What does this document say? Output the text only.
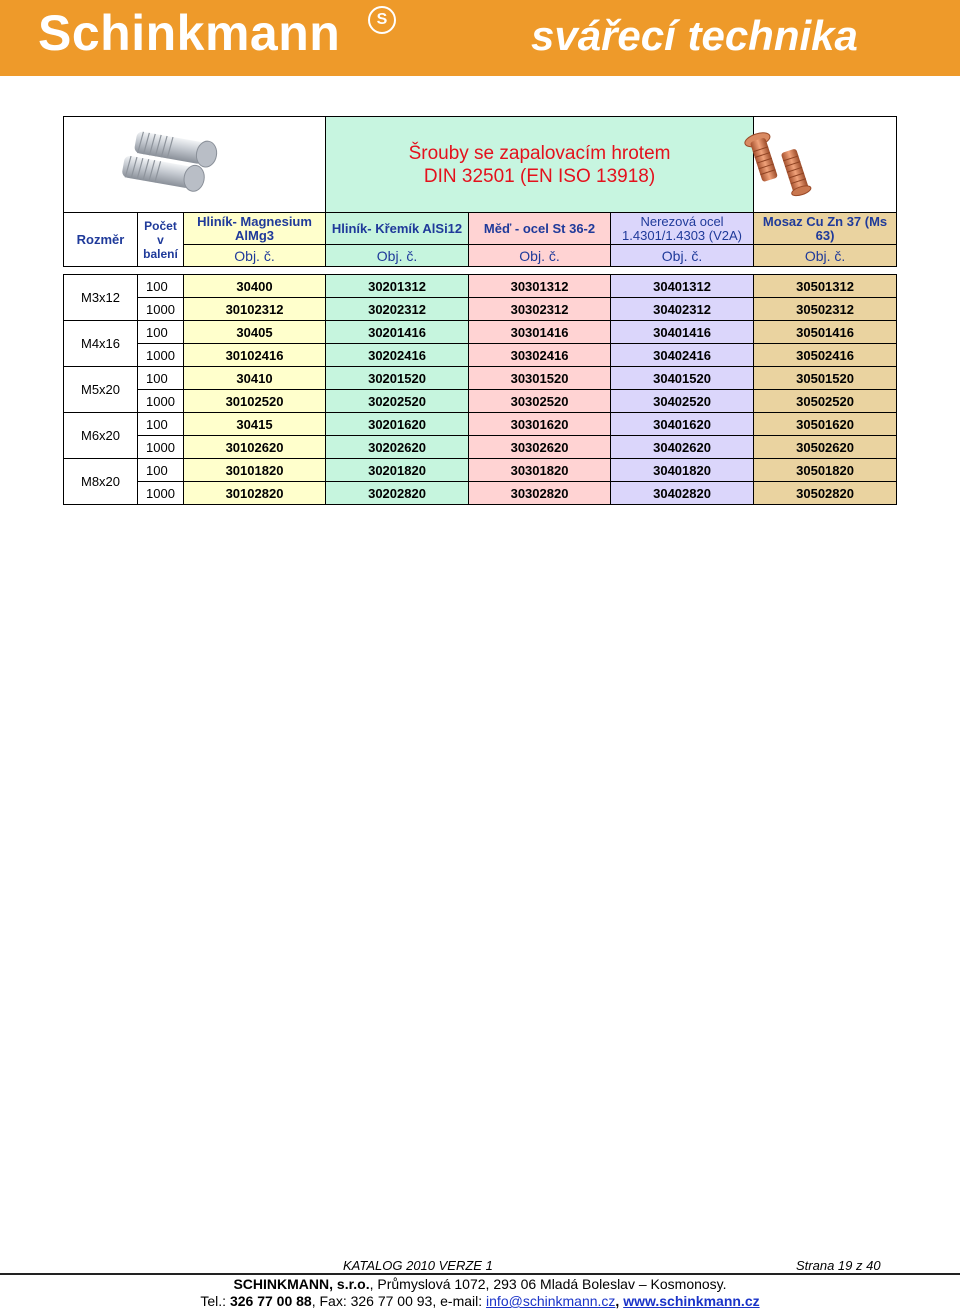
Schinkmann	S	svářecí technika

			Šrouby se zapalovacím hrotem
DIN 32501 (EN ISO 13918)			

Rozměr	Počet v balení	Hliník- Magnesium AlMg3	Hliník- Křemík AlSi12	Měď - ocel St 36-2	Nerezová ocel 1.4301/1.4303 (V2A)	Mosaz Cu Zn 37 (Ms 63)
		Obj. č.	Obj. č.	Obj. č.	Obj. č.	Obj. č.

M3x12	100	30400	30201312	30301312	30401312	30501312
	1000	30102312	30202312	30302312	30402312	30502312
M4x16	100	30405	30201416	30301416	30401416	30501416
	1000	30102416	30202416	30302416	30402416	30502416
M5x20	100	30410	30201520	30301520	30401520	30501520
	1000	30102520	30202520	30302520	30402520	30502520
M6x20	100	30415	30201620	30301620	30401620	30501620
	1000	30102620	30202620	30302620	30402620	30502620
M8x20	100	30101820	30201820	30301820	30401820	30501820
	1000	30102820	30202820	30302820	30402820	30502820
KATALOG 2010 VERZE 1	Strana 19 z 40
SCHINKMANN, s.r.o., Průmyslová 1072, 293 06 Mladá Boleslav – Kosmonosy.
Tel.: 326 77 00 88, Fax: 326 77 00 93, e-mail: info@schinkmann.cz, www.schinkmann.cz
